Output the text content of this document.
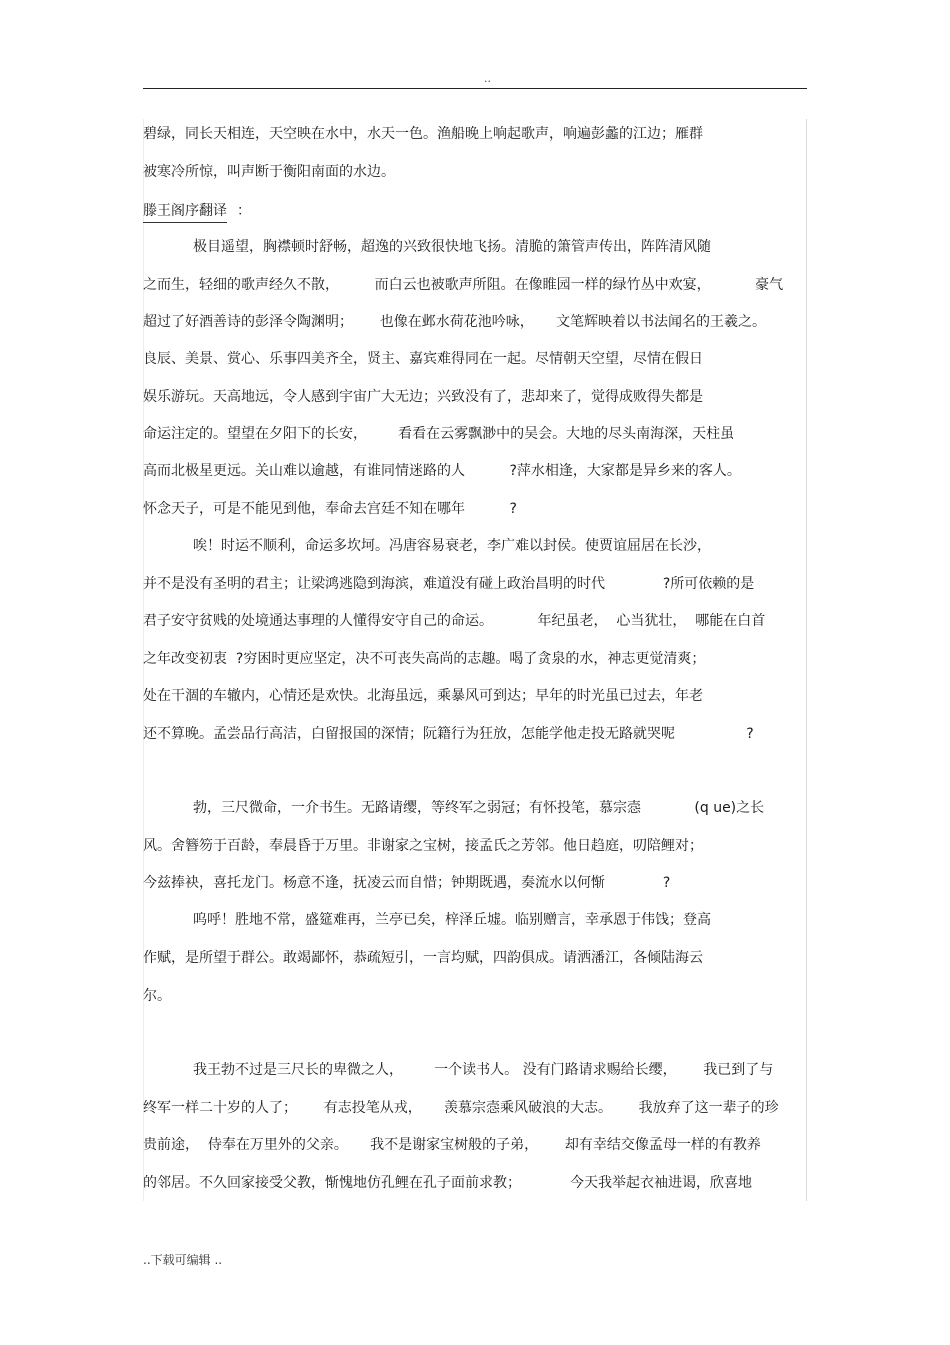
..
碧绿，同长天相连，天空映在水中，水天一色。渔船晚上响起歌声，响遍彭蠡的江边；雁群
被寒冷所惊，叫声断于衡阳南面的水边。
滕王阁序翻译 ：
极目遥望，胸襟顿时舒畅，超逸的兴致很快地飞扬。清脆的箫管声传出，阵阵清风随
之而生，轻细的歌声经久不散，        而白云也被歌声所阻。在像睢园一样的绿竹丛中欢宴，          豪气
超过了好酒善诗的彭泽令陶渊明；      也像在邺水荷花池吟咏，     文笔辉映着以书法闻名的王羲之。
良辰、美景、赏心、乐事四美齐全，贤主、嘉宾难得同在一起。尽情朝天空望，尽情在假日
娱乐游玩。天高地远，令人感到宇宙广大无边；兴致没有了，悲却来了，觉得成败得失都是
命运注定的。望望在夕阳下的长安，       看看在云雾飘渺中的吴会。大地的尽头南海深，天柱虽
高而北极星更远。关山难以逾越，有谁同情迷路的人          ?萍水相逢，大家都是异乡来的客人。
怀念天子，可是不能见到他，奉命去宫廷不知在哪年          ?
唉！时运不顺利，命运多坎坷。冯唐容易衰老，李广难以封侯。使贾谊屈居在长沙，
并不是没有圣明的君主；让梁鸿逃隐到海滨，难道没有碰上政治昌明的时代             ?所可依赖的是
君子安守贫贱的处境通达事理的人懂得安守自己的命运。          年纪虽老，  心当犹壮，  哪能在白首
之年改变初衷  ?穷困时更应坚定，决不可丧失高尚的志趣。喝了贪泉的水，神志更觉清爽；
处在干涸的车辙内，心情还是欢快。北海虽远，乘暴风可到达；早年的时光虽已过去，年老
还不算晚。孟尝品行高洁，白留报国的深情；阮籍行为狂放，怎能学他走投无路就哭呢                ?
勃，三尺微命，一介书生。无路请缨，等终军之弱冠；有怀投笔，慕宗悫            (q ue)之长
风。舍簪笏于百龄，奉晨昏于万里。非谢家之宝树，接孟氏之芳邻。他日趋庭，叨陪鲤对；
今兹捧袂，喜托龙门。杨意不逢，抚凌云而自惜；钟期既遇，奏流水以何惭             ?
呜呼！胜地不常，盛筵难再，兰亭已矣，梓泽丘墟。临别赠言，幸承恩于伟饯；登高
作赋，是所望于群公。敢竭鄙怀，恭疏短引，一言均赋，四韵俱成。请洒潘江，各倾陆海云
尔。
我王勃不过是三尺长的卑微之人，       一个读书人。 没有门路请求赐给长缨，      我已到了与
终军一样二十岁的人了；      有志投笔从戎，     羡慕宗悫乘风破浪的大志。      我放弃了这一辈子的珍
贵前途，  侍奉在万里外的父亲。     我不是谢家宝树般的子弟，      却有幸结交像孟母一样的有教养
的邻居。不久回家接受父教，惭愧地仿孔鲤在孔子面前求教；           今天我举起衣袖进谒，欣喜地
..下载可编辑 ..
